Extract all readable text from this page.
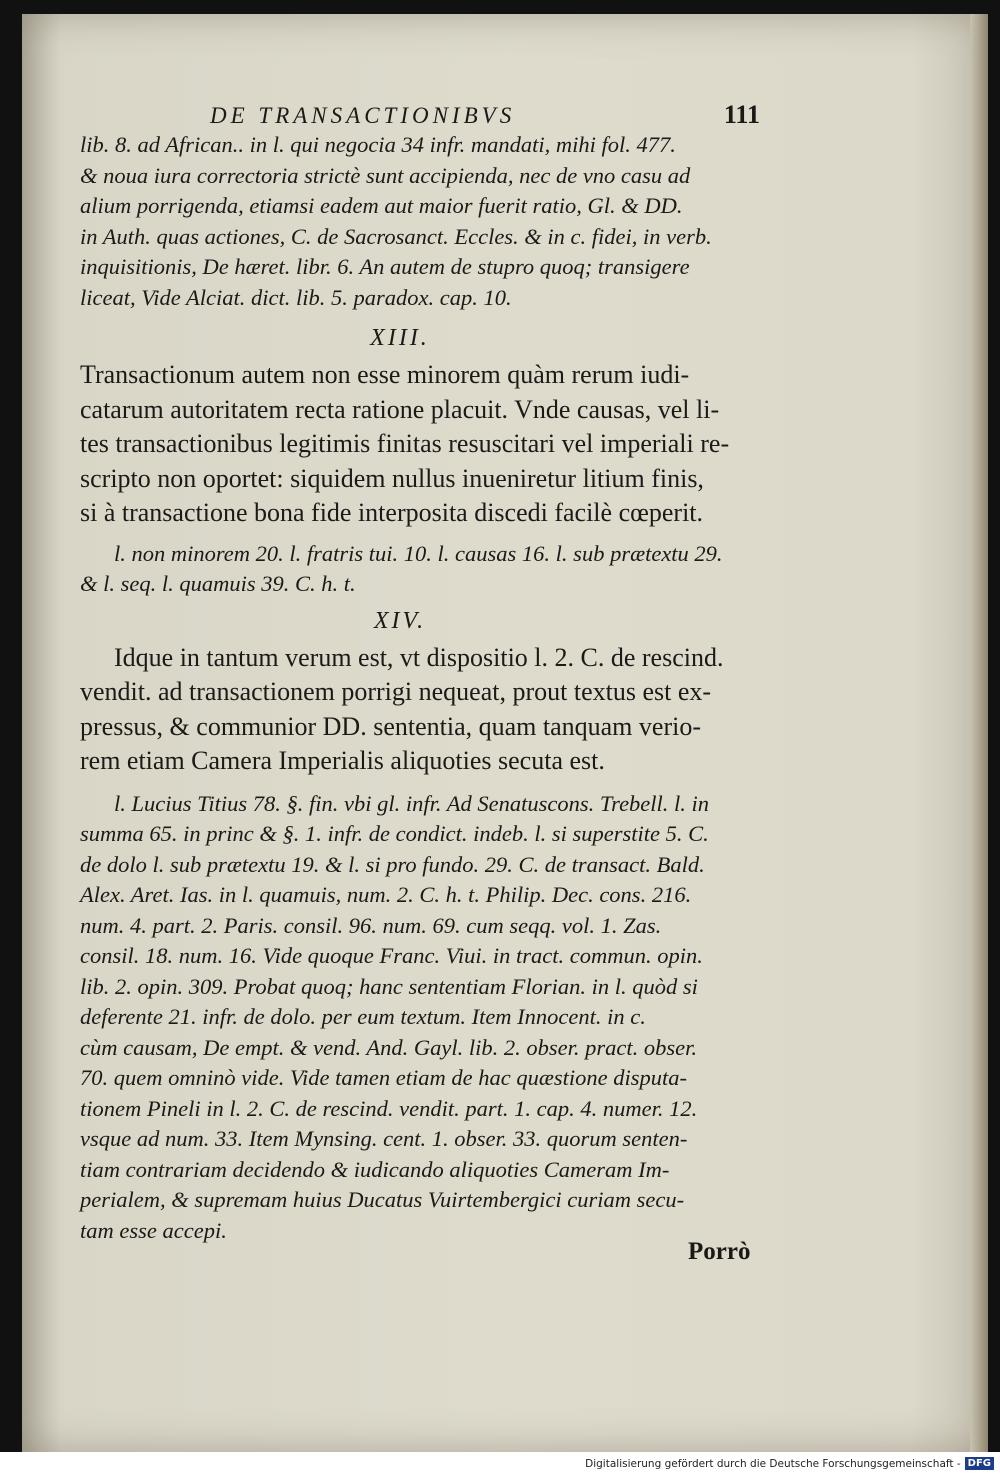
DE TRANSACTIONIBVS	111
lib. 8. ad African.. in l. qui negocia 34 infr. mandati, mihi fol. 477.
& noua iura correctoria strictè sunt accipienda, nec de vno casu ad
alium porrigenda, etiamsi eadem aut maior fuerit ratio, Gl. & DD.
in Auth. quas actiones, C. de Sacrosanct. Eccles. & in c. fidei, in verb.
inquisitionis, De hæret. libr. 6. An autem de stupro quoq; transigere
liceat, Vide Alciat. dict. lib. 5. paradox. cap. 10.

XIII.

Transactionum autem non esse minorem quàm rerum iudi-
catarum autoritatem recta ratione placuit. Vnde causas, vel li-
tes transactionibus legitimis finitas resuscitari vel imperiali re-
scripto non oportet: siquidem nullus inueniretur litium finis,
si à transactione bona fide interposita discedi facilè cœperit.
l. non minorem 20. l. fratris tui. 10. l. causas 16. l. sub prætextu 29.
& l. seq. l. quamuis 39. C. h. t.

XIV.

Idque in tantum verum est, vt dispositio l. 2. C. de rescind.
vendit. ad transactionem porrigi nequeat, prout textus est ex-
pressus, & communior DD. sententia, quam tanquam verio-
rem etiam Camera Imperialis aliquoties secuta est.
l. Lucius Titius 78. §. fin. vbi gl. infr. Ad Senatuscons. Trebell. l. in
summa 65. in princ & §. 1. infr. de condict. indeb. l. si superstite 5. C.
de dolo l. sub prætextu 19. & l. si pro fundo. 29. C. de transact. Bald.
Alex. Aret. Ias. in l. quamuis, num. 2. C. h. t. Philip. Dec. cons. 216.
num. 4. part. 2. Paris. consil. 96. num. 69. cum seqq. vol. 1. Zas.
consil. 18. num. 16. Vide quoque Franc. Viui. in tract. commun. opin.
lib. 2. opin. 309. Probat quoq; hanc sententiam Florian. in l. quòd si
deferente 21. infr. de dolo. per eum textum. Item Innocent. in c.
cùm causam, De empt. & vend. And. Gayl. lib. 2. obser. pract. obser.
70. quem omninò vide. Vide tamen etiam de hac quæstione disputa-
tionem Pineli in l. 2. C. de rescind. vendit. part. 1. cap. 4. numer. 12.
vsque ad num. 33. Item Mynsing. cent. 1. obser. 33. quorum senten-
tiam contrariam decidendo & iudicando aliquoties Cameram Im-
perialem, & supremam huius Ducatus Vuirtembergici curiam secu-
tam esse accepi.
Porrò
Digitalisierung gefördert durch die Deutsche Forschungsgemeinschaft - DFG
